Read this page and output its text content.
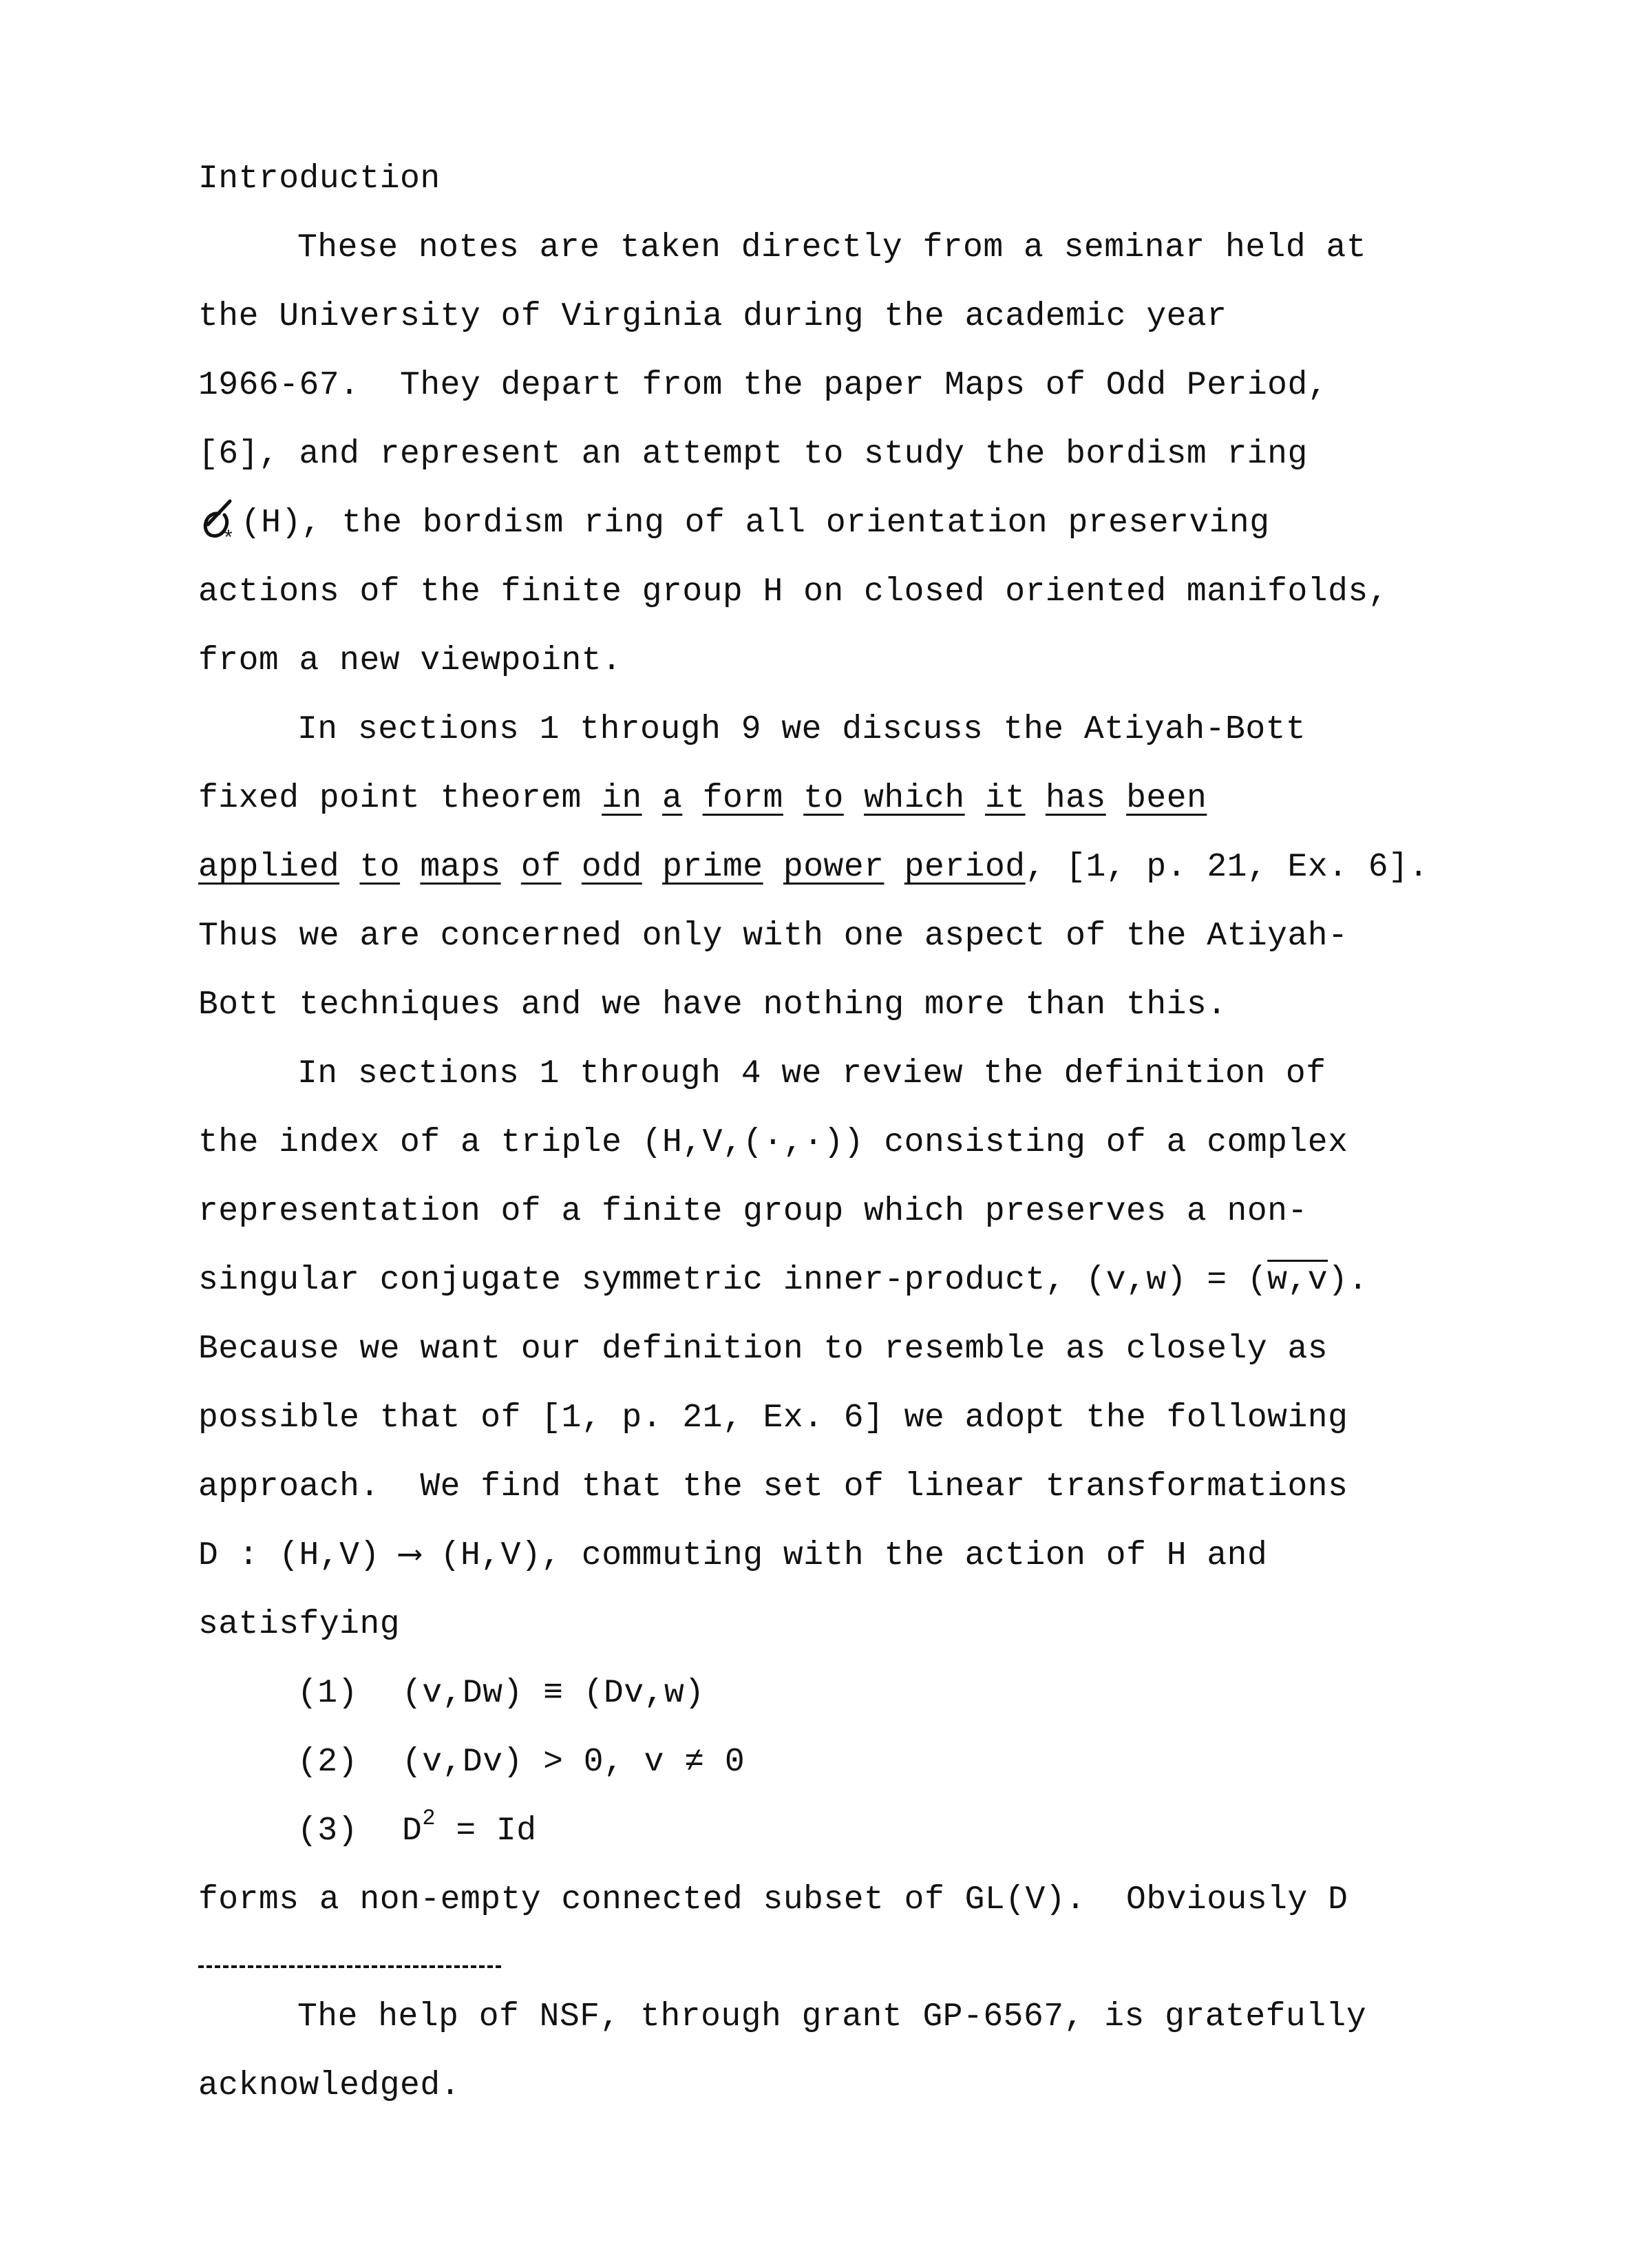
Introduction
These notes are taken directly from a seminar held at
the University of Virginia during the academic year
1966-67.  They depart from the paper Maps of Odd Period,
[6], and represent an attempt to study the bordism ring
* (H), the bordism ring of all orientation preserving
actions of the finite group H on closed oriented manifolds,
from a new viewpoint.
In sections 1 through 9 we discuss the Atiyah-Bott
fixed point theorem in a form to which it has been
applied to maps of odd prime power period, [1, p. 21, Ex. 6].
Thus we are concerned only with one aspect of the Atiyah-
Bott techniques and we have nothing more than this.
In sections 1 through 4 we review the definition of
the index of a triple (H,V,(·,·)) consisting of a complex
representation of a finite group which preserves a non-
singular conjugate symmetric inner-product, (v,w) = (w,v).
Because we want our definition to resemble as closely as
possible that of [1, p. 21, Ex. 6] we adopt the following
approach.  We find that the set of linear transformations
D : (H,V) ⟶ (H,V), commuting with the action of H and
satisfying
(1) (v,Dw) ≡ (Dv,w)
(2) (v,Dv) > 0, v ≠ 0
(3) $D^2 = Id$
forms a non-empty connected subset of GL(V).  Obviously D
The help of NSF, through grant GP-6567, is gratefully
acknowledged.
